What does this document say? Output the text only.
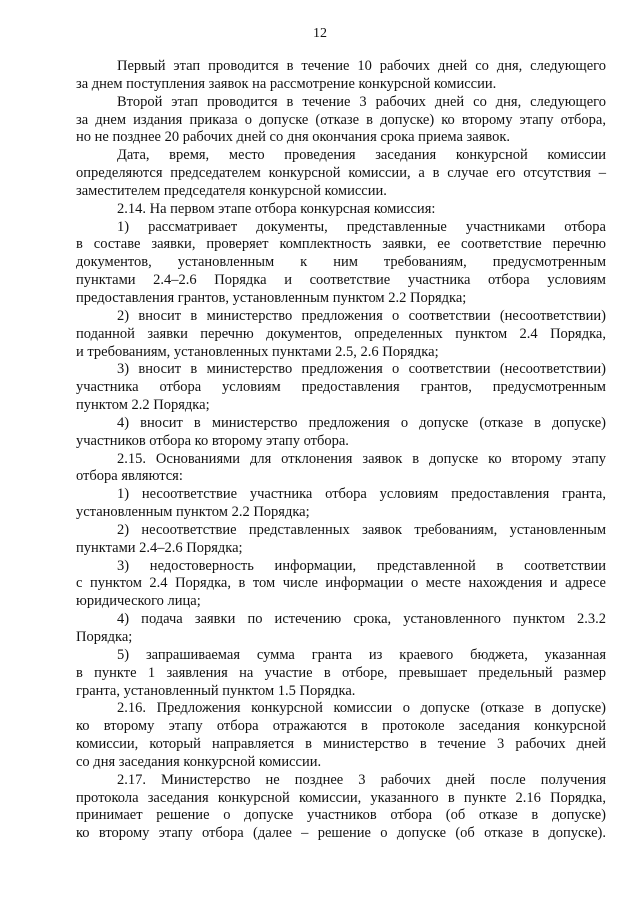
12

Первый этап проводится в течение 10 рабочих дней со дня, следующего

за днем поступления заявок на рассмотрение конкурсной комиссии.

Второй этап проводится в течение 3 рабочих дней со дня, следующего

за днем издания приказа о допуске (отказе в допуске) ко второму этапу отбора,

но не позднее 20 рабочих дней со дня окончания срока приема заявок.

Дата, время, место проведения заседания конкурсной комиссии

определяются председателем конкурсной комиссии, а в случае его отсутствия –

заместителем председателя конкурсной комиссии.

2.14. На первом этапе отбора конкурсная комиссия:

1) рассматривает документы, представленные участниками отбора

в составе заявки, проверяет комплектность заявки, ее соответствие перечню

документов, установленным к ним требованиям, предусмотренным

пунктами 2.4–2.6 Порядка и соответствие участника отбора условиям

предоставления грантов, установленным пунктом 2.2 Порядка;

2) вносит в министерство предложения о соответствии (несоответствии)

поданной заявки перечню документов, определенных пунктом 2.4 Порядка,

и требованиям, установленных пунктами 2.5, 2.6 Порядка;

3) вносит в министерство предложения о соответствии (несоответствии)

участника отбора условиям предоставления грантов, предусмотренным

пунктом 2.2 Порядка;

4) вносит в министерство предложения о допуске (отказе в допуске)

участников отбора ко второму этапу отбора.

2.15. Основаниями для отклонения заявок в допуске ко второму этапу

отбора являются:

1) несоответствие участника отбора условиям предоставления гранта,

установленным пунктом 2.2 Порядка;

2) несоответствие представленных заявок требованиям, установленным

пунктами 2.4–2.6 Порядка;

3) недостоверность информации, представленной в соответствии

с пунктом 2.4 Порядка, в том числе информации о месте нахождения и адресе

юридического лица;

4) подача заявки по истечению срока, установленного пунктом 2.3.2

Порядка;

5) запрашиваемая сумма гранта из краевого бюджета, указанная

в пункте 1 заявления на участие в отборе, превышает предельный размер

гранта, установленный пунктом 1.5 Порядка.

2.16. Предложения конкурсной комиссии о допуске (отказе в допуске)

ко второму этапу отбора отражаются в протоколе заседания конкурсной

комиссии, который направляется в министерство в течение 3 рабочих дней

со дня заседания конкурсной комиссии.

2.17. Министерство не позднее 3 рабочих дней после получения

протокола заседания конкурсной комиссии, указанного в пункте 2.16 Порядка,

принимает решение о допуске участников отбора (об отказе в допуске)

ко второму этапу отбора (далее – решение о допуске (об отказе в допуске).
